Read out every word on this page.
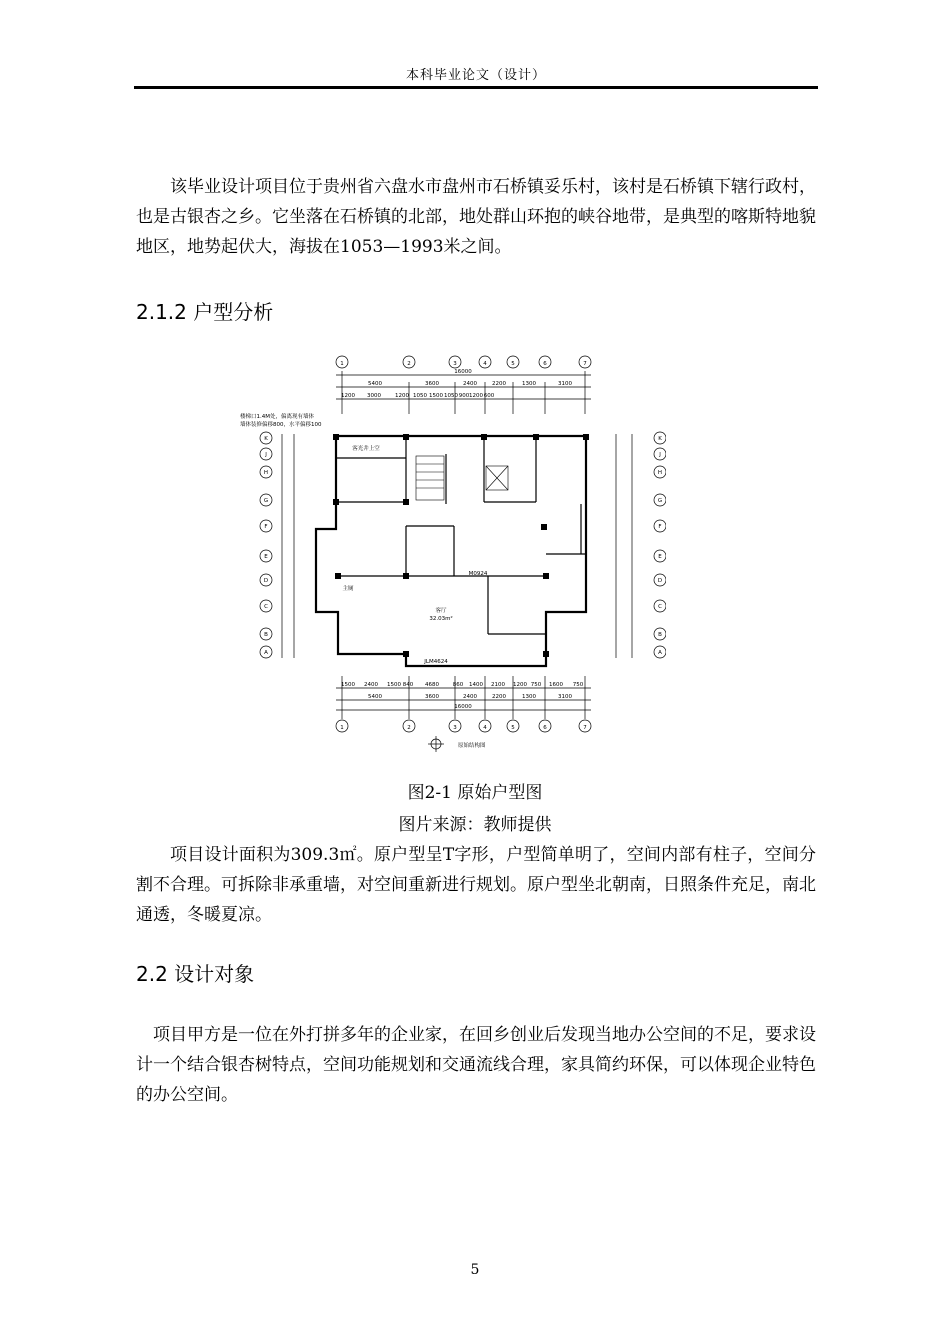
本科毕业论文（设计）

该毕业设计项目位于贵州省六盘水市盘州市石桥镇妥乐村，该村是石桥镇下辖行政村，也是古银杏之乡。它坐落在石桥镇的北部，地处群山环抱的峡谷地带，是典型的喀斯特地貌地区，地势起伏大，海拔在1053—1993米之间。

2.1.2 户型分析
1	2	3	4	5	6	7
16000
5400	3600	2400	2200	1300	3100
1200 3000	1200 1050 1500 1050 900 1200 600
K
J
H
G
F
E
D
C
B
A
K
J
H
G
F
E
D
C
B
A
客光井上空
客厅
32.03m²
主厕
M0924
JLM4624
楼梯口1.4M处，偏离现有墙体
墙体装修偏移800，水平偏移100
1500 2400 1500 840 4680	860 1400 2100 1200 750 1600 750
5400	3600	2400	2200	1300	3100
16000
1	2	3	4	5	6	7
原始结构图

图2-1 原始户型图

图片来源：教师提供

项目设计面积为309.3㎡。原户型呈T字形，户型简单明了，空间内部有柱子，空间分割不合理。可拆除非承重墙，对空间重新进行规划。原户型坐北朝南，日照条件充足，南北通透，冬暖夏凉。

2.2 设计对象

项目甲方是一位在外打拼多年的企业家，在回乡创业后发现当地办公空间的不足，要求设计一个结合银杏树特点，空间功能规划和交通流线合理，家具简约环保，可以体现企业特色的办公空间。

5
